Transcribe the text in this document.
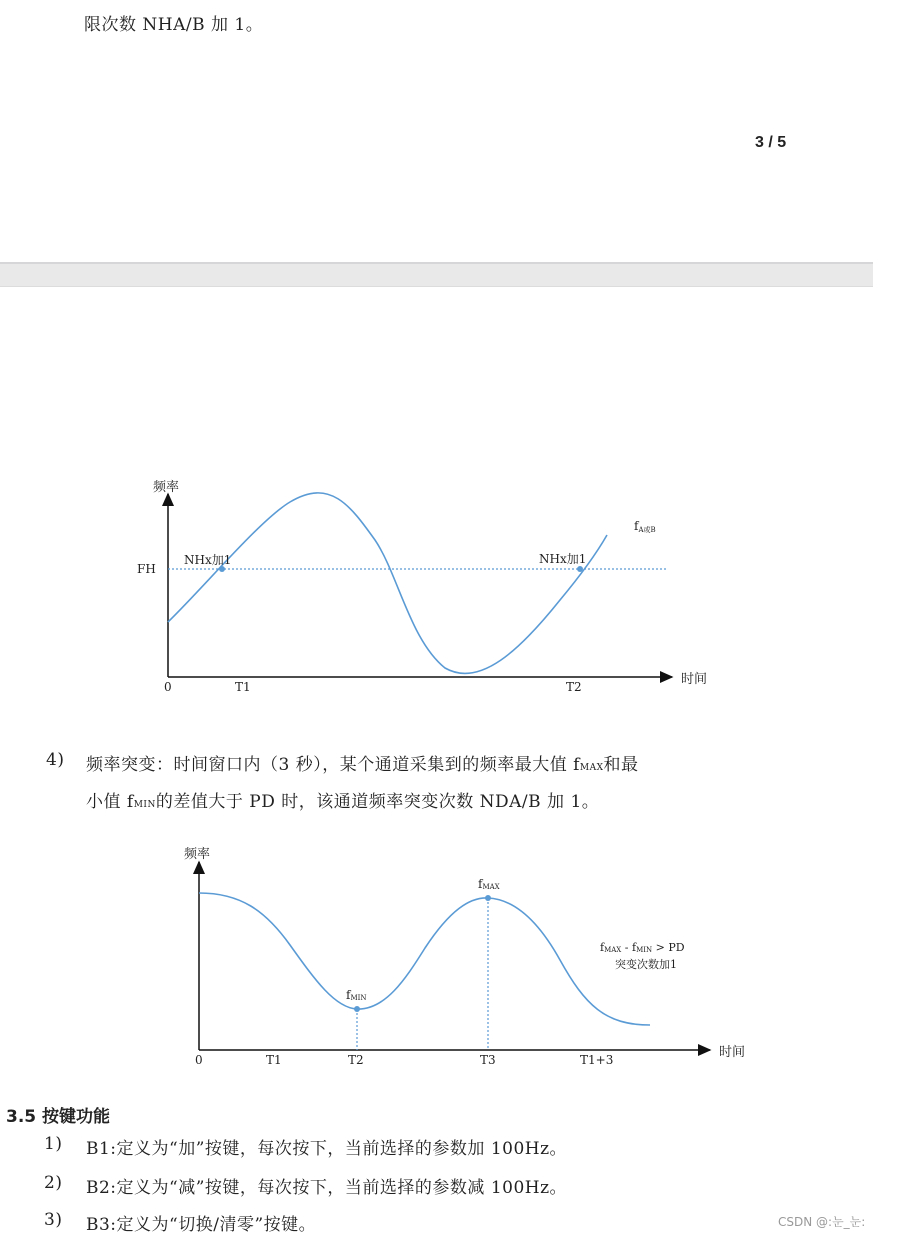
限次数 NHA/B 加 1。
3 / 5
频率
时间
FH
0	T1	T2
NHx加1	NHx加1
fA或B
频率
时间
0	T1	T2	T3	T1+3
fMAX
fMIN
fMAX - fMIN > PD
突变次数加1
4) 频率突变：时间窗口内（3 秒），某个通道采集到的频率最大值 fMAX和最
小值 fMIN的差值大于 PD 时，该通道频率突变次数 NDA/B 加 1。
3.5 按键功能
1) B1:定义为“加”按键，每次按下，当前选择的参数加 100Hz。
2) B2:定义为“减”按键，每次按下，当前选择的参数减 100Hz。
3) B3:定义为“切换/清零”按键。	CSDN @:눈_눈:
